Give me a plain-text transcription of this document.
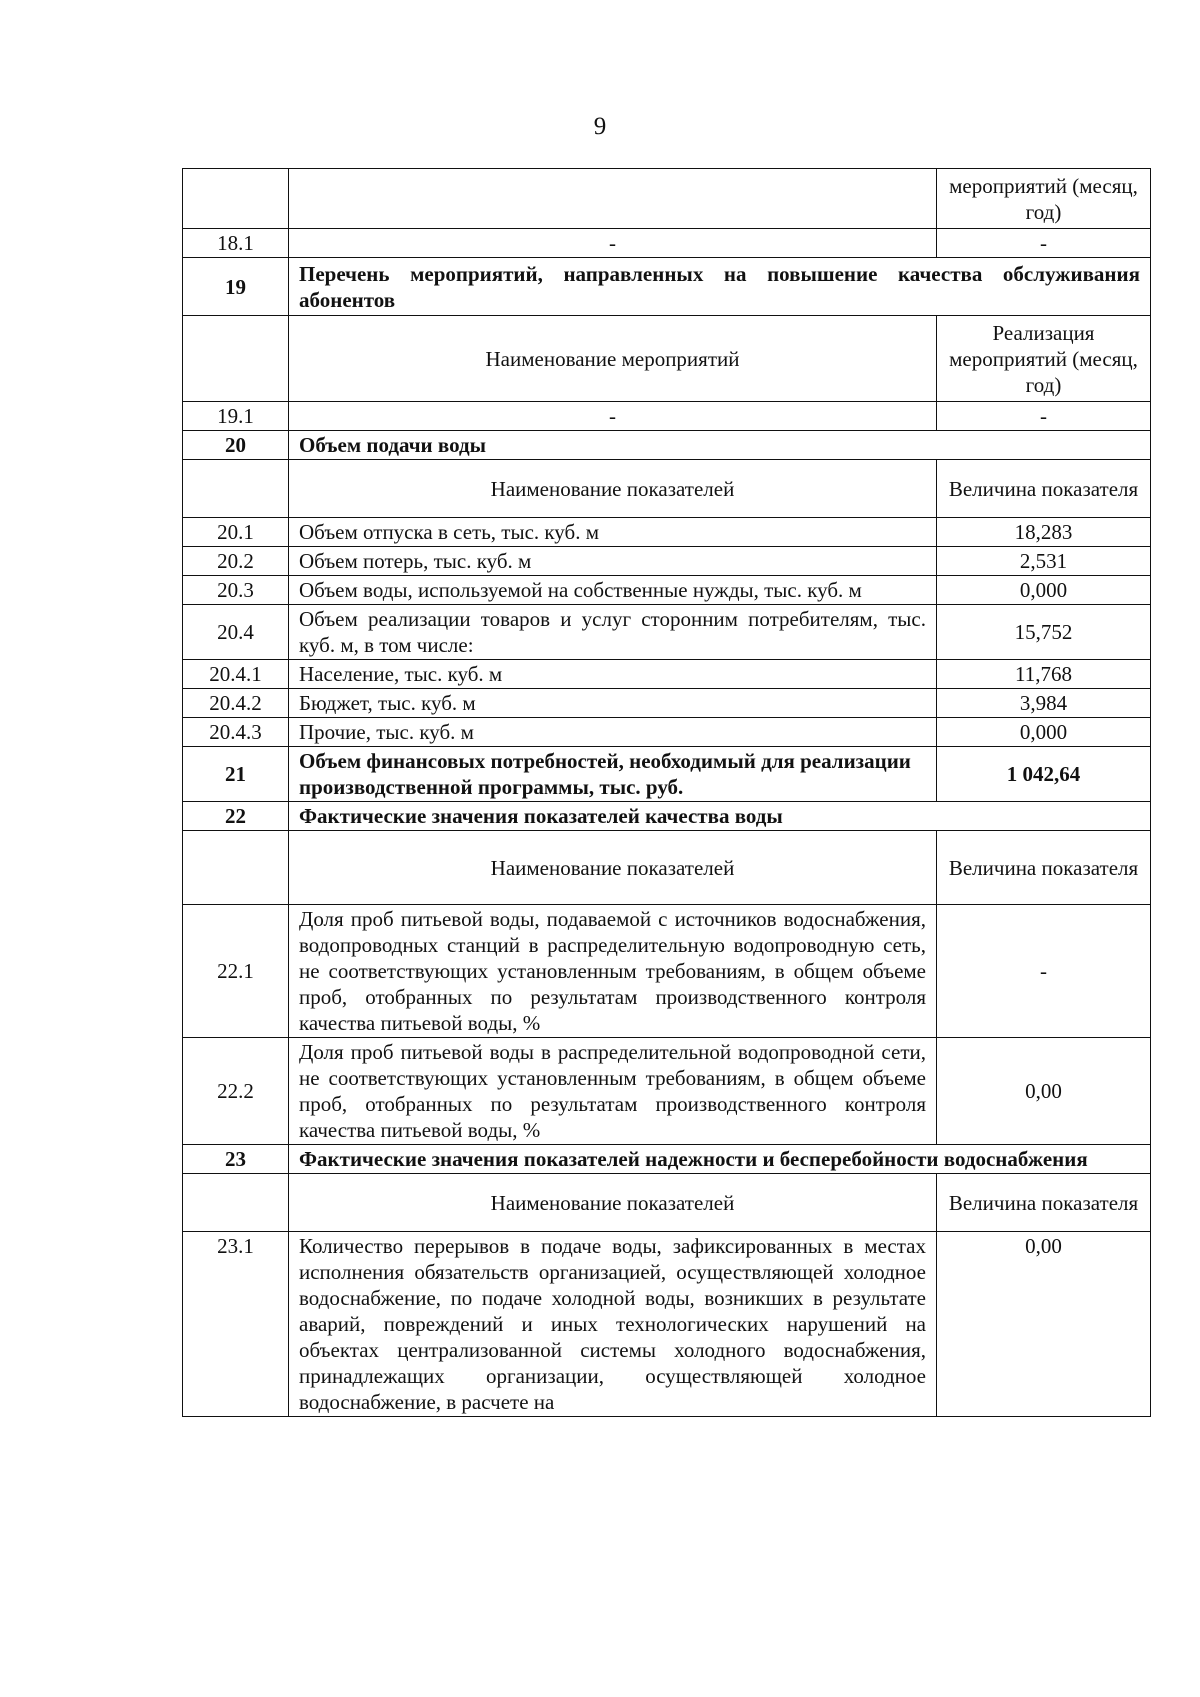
9
		мероприятий (месяц, год)
18.1	-	-
19	Перечень мероприятий, направленных на повышение качества обслуживания абонентов	
	Наименование мероприятий	Реализация мероприятий (месяц, год)
19.1	-	-
20	Объем подачи воды	
	Наименование показателей	Величина показателя
20.1	Объем отпуска в сеть, тыс. куб. м	18,283
20.2	Объем потерь, тыс. куб. м	2,531
20.3	Объем воды, используемой на собственные нужды, тыс. куб. м	0,000
20.4	Объем реализации товаров и услуг сторонним потребителям, тыс. куб. м, в том числе:	15,752
20.4.1	Население, тыс. куб. м	11,768
20.4.2	Бюджет, тыс. куб. м	3,984
20.4.3	Прочие, тыс. куб. м	0,000
21	Объем финансовых потребностей, необходимый для реализации производственной программы, тыс. руб.	1 042,64
22	Фактические значения показателей качества воды	
	Наименование показателей	Величина показателя
22.1	Доля проб питьевой воды, подаваемой с источников водоснабжения, водопроводных станций в распределительную водопроводную сеть, не соответствующих установленным требованиям, в общем объеме проб, отобранных по результатам производственного контроля качества питьевой воды, %	-
22.2	Доля проб питьевой воды в распределительной водопроводной сети, не соответствующих установленным требованиям, в общем объеме проб, отобранных по результатам производственного контроля качества питьевой воды, %	0,00
23	Фактические значения показателей надежности и бесперебойности водоснабжения	
	Наименование показателей	Величина показателя
23.1	Количество перерывов в подаче воды, зафиксированных в местах исполнения обязательств организацией, осуществляющей холодное водоснабжение, по подаче холодной воды, возникших в результате аварий, повреждений и иных технологических нарушений на объектах централизованной системы холодного водоснабжения, принадлежащих организации, осуществляющей холодное водоснабжение, в расчете на	0,00
